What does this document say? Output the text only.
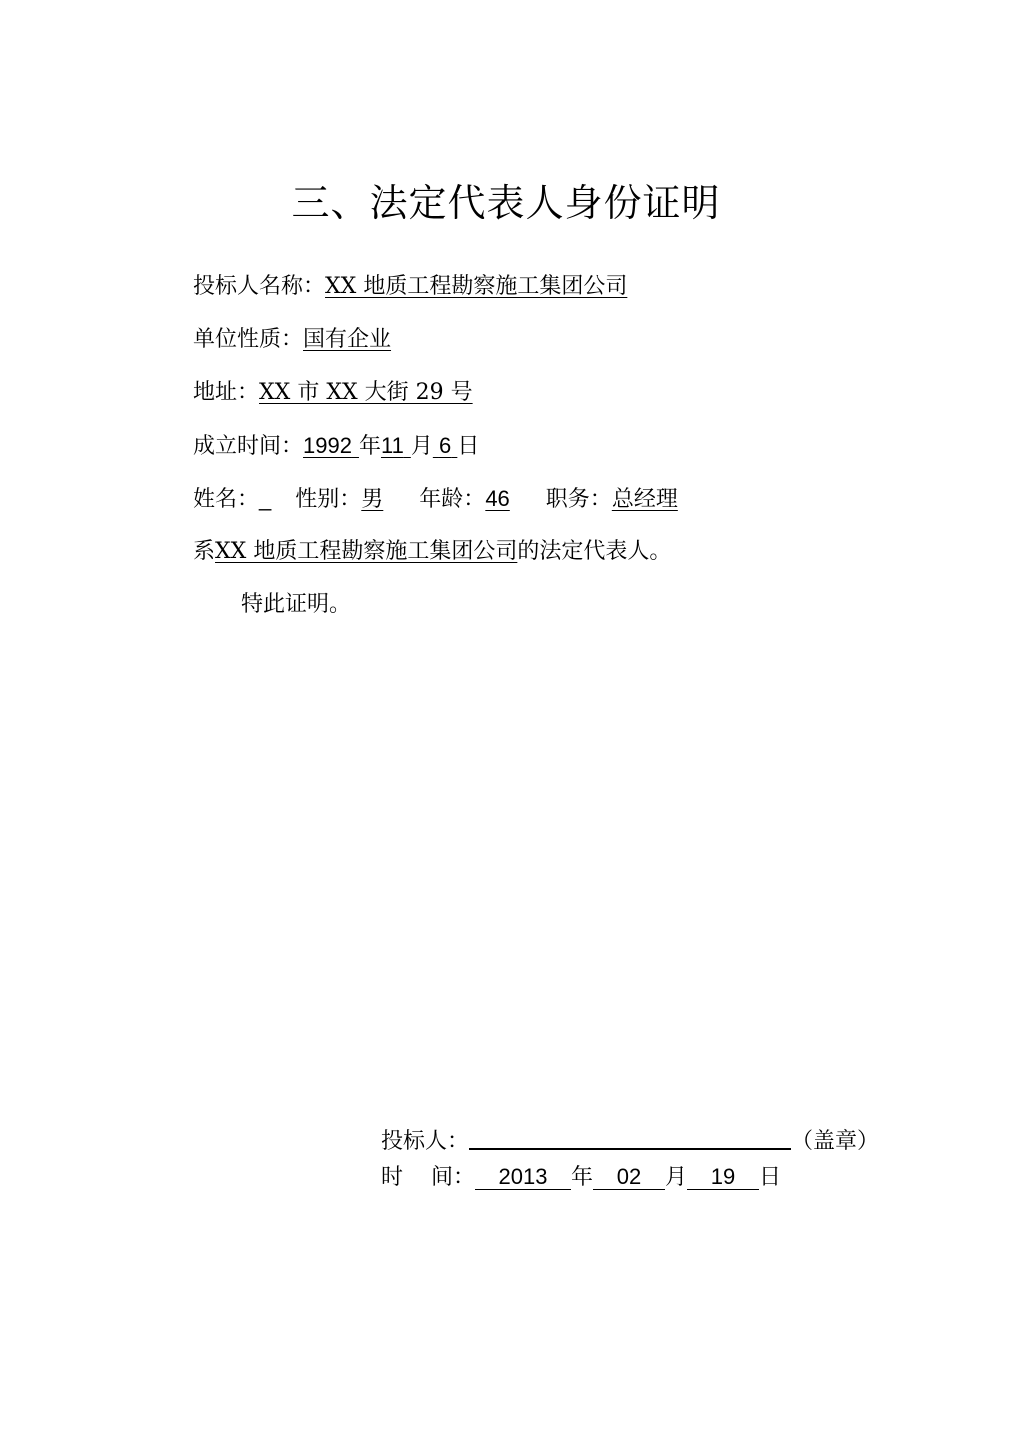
三、法定代表人身份证明
投标人名称：XX 地质工程勘察施工集团公司
单位性质：国有企业
地址：XX 市 XX 大街 29 号
成立时间：1992 年11 月 6 日
姓名：_ 性别：男 年龄：46 职务：总经理
系XX 地质工程勘察施工集团公司的法定代表人。
特此证明。
投标人：	（盖章）
时    间： 2013 年 02 月 19 日
